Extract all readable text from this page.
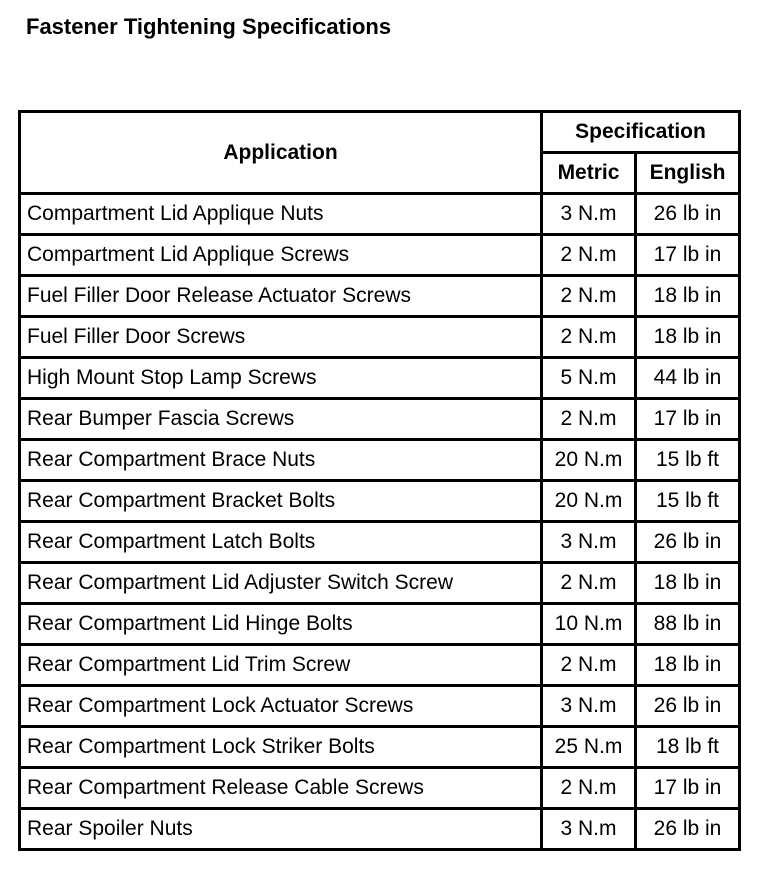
Fastener Tightening Specifications
Application	Specification	
	Metric	English
Compartment Lid Applique Nuts	3 N.m	26 lb in
Compartment Lid Applique Screws	2 N.m	17 lb in
Fuel Filler Door Release Actuator Screws	2 N.m	18 lb in
Fuel Filler Door Screws	2 N.m	18 lb in
High Mount Stop Lamp Screws	5 N.m	44 lb in
Rear Bumper Fascia Screws	2 N.m	17 lb in
Rear Compartment Brace Nuts	20 N.m	15 lb ft
Rear Compartment Bracket Bolts	20 N.m	15 lb ft
Rear Compartment Latch Bolts	3 N.m	26 lb in
Rear Compartment Lid Adjuster Switch Screw	2 N.m	18 lb in
Rear Compartment Lid Hinge Bolts	10 N.m	88 lb in
Rear Compartment Lid Trim Screw	2 N.m	18 lb in
Rear Compartment Lock Actuator Screws	3 N.m	26 lb in
Rear Compartment Lock Striker Bolts	25 N.m	18 lb ft
Rear Compartment Release Cable Screws	2 N.m	17 lb in
Rear Spoiler Nuts	3 N.m	26 lb in
